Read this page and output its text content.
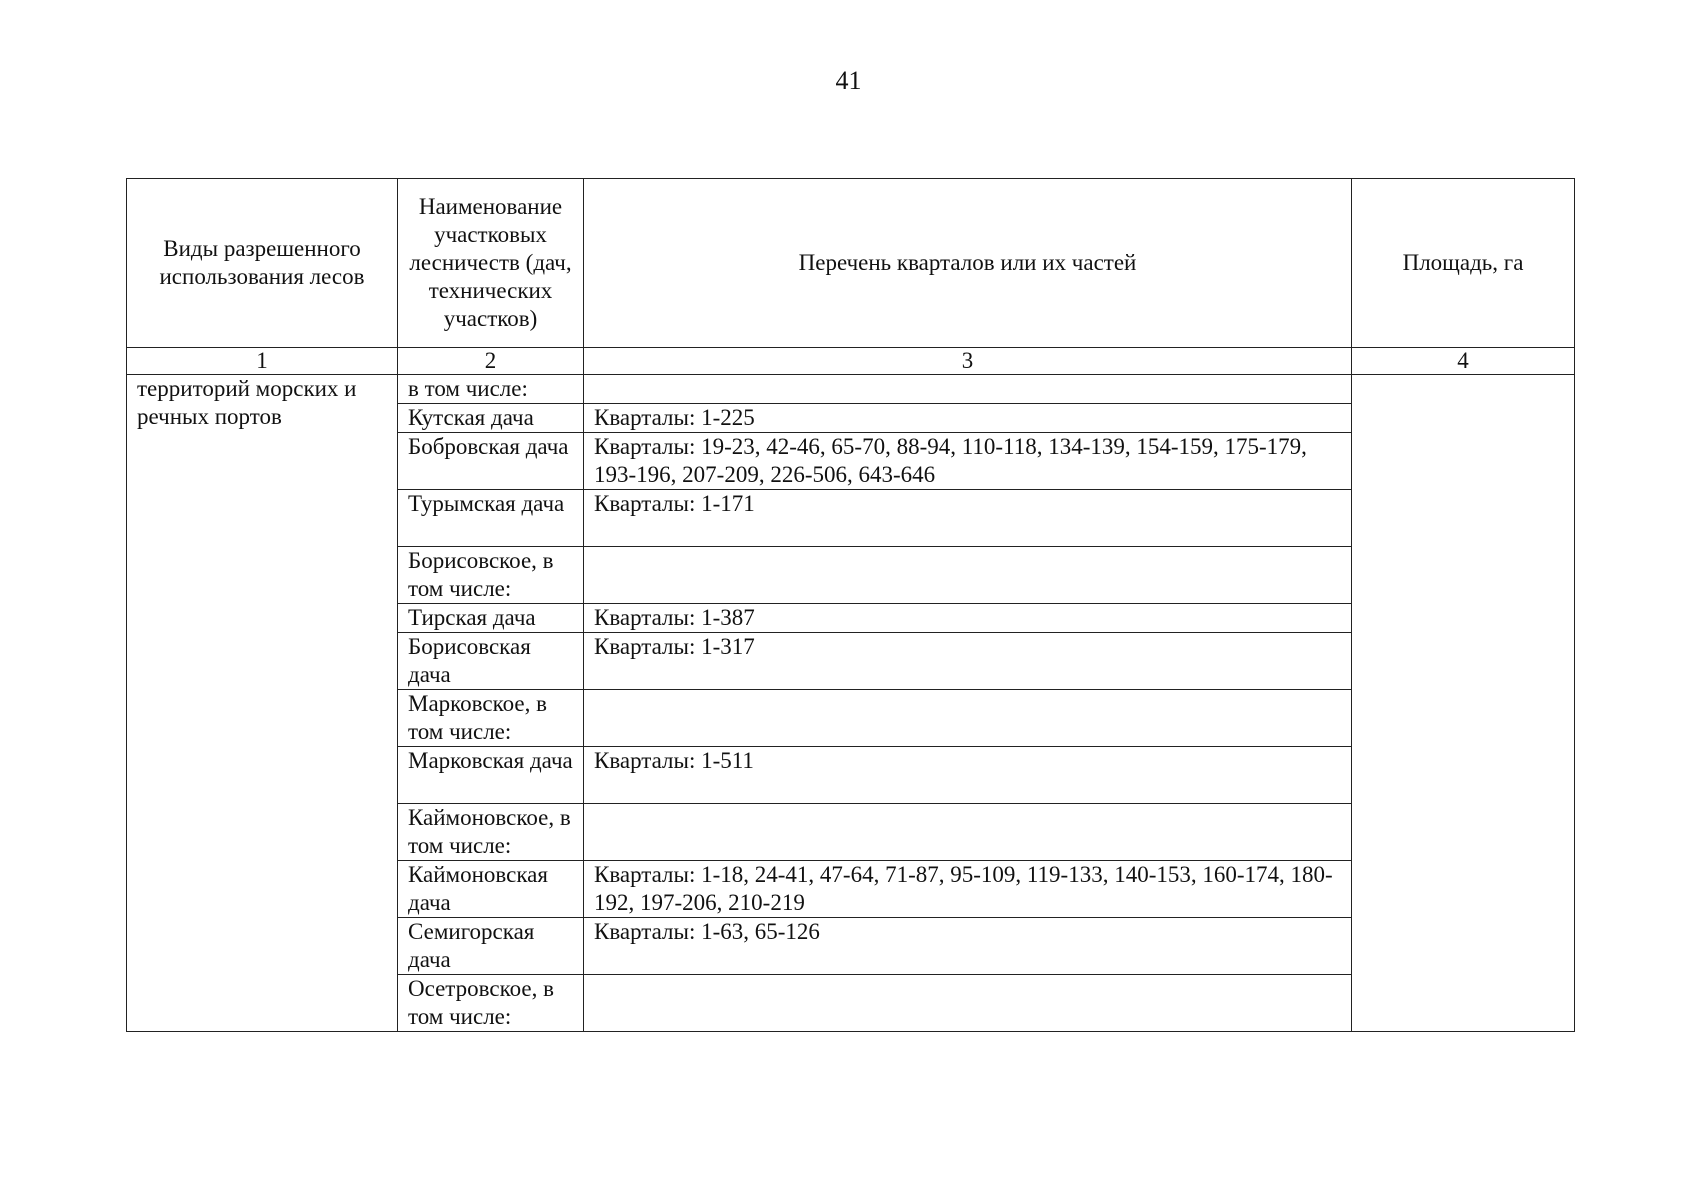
41
Виды разрешенного использования лесов	Наименование участковых лесничеств (дач, технических участков)	Перечень кварталов или их частей	Площадь, га
1	2	3	4
территорий морских и речных портов	в том числе:		
	Кутская дача	Кварталы: 1-225	
	Бобровская дача	Кварталы: 19-23, 42-46, 65-70, 88-94, 110-118, 134-139, 154-159, 175-179, 193-196, 207-209, 226-506, 643-646	
	Турымская дача	Кварталы: 1-171	
	Борисовское, в том числе:		
	Тирская дача	Кварталы: 1-387	
	Борисовская дача	Кварталы: 1-317	
	Марковское, в том числе:		
	Марковская дача	Кварталы: 1-511	
	Каймоновское, в том числе:		
	Каймоновская дача	Кварталы: 1-18, 24-41, 47-64, 71-87, 95-109, 119-133, 140-153, 160-174, 180-192, 197-206, 210-219	
	Семигорская дача	Кварталы: 1-63, 65-126	
	Осетровское, в том числе:		
